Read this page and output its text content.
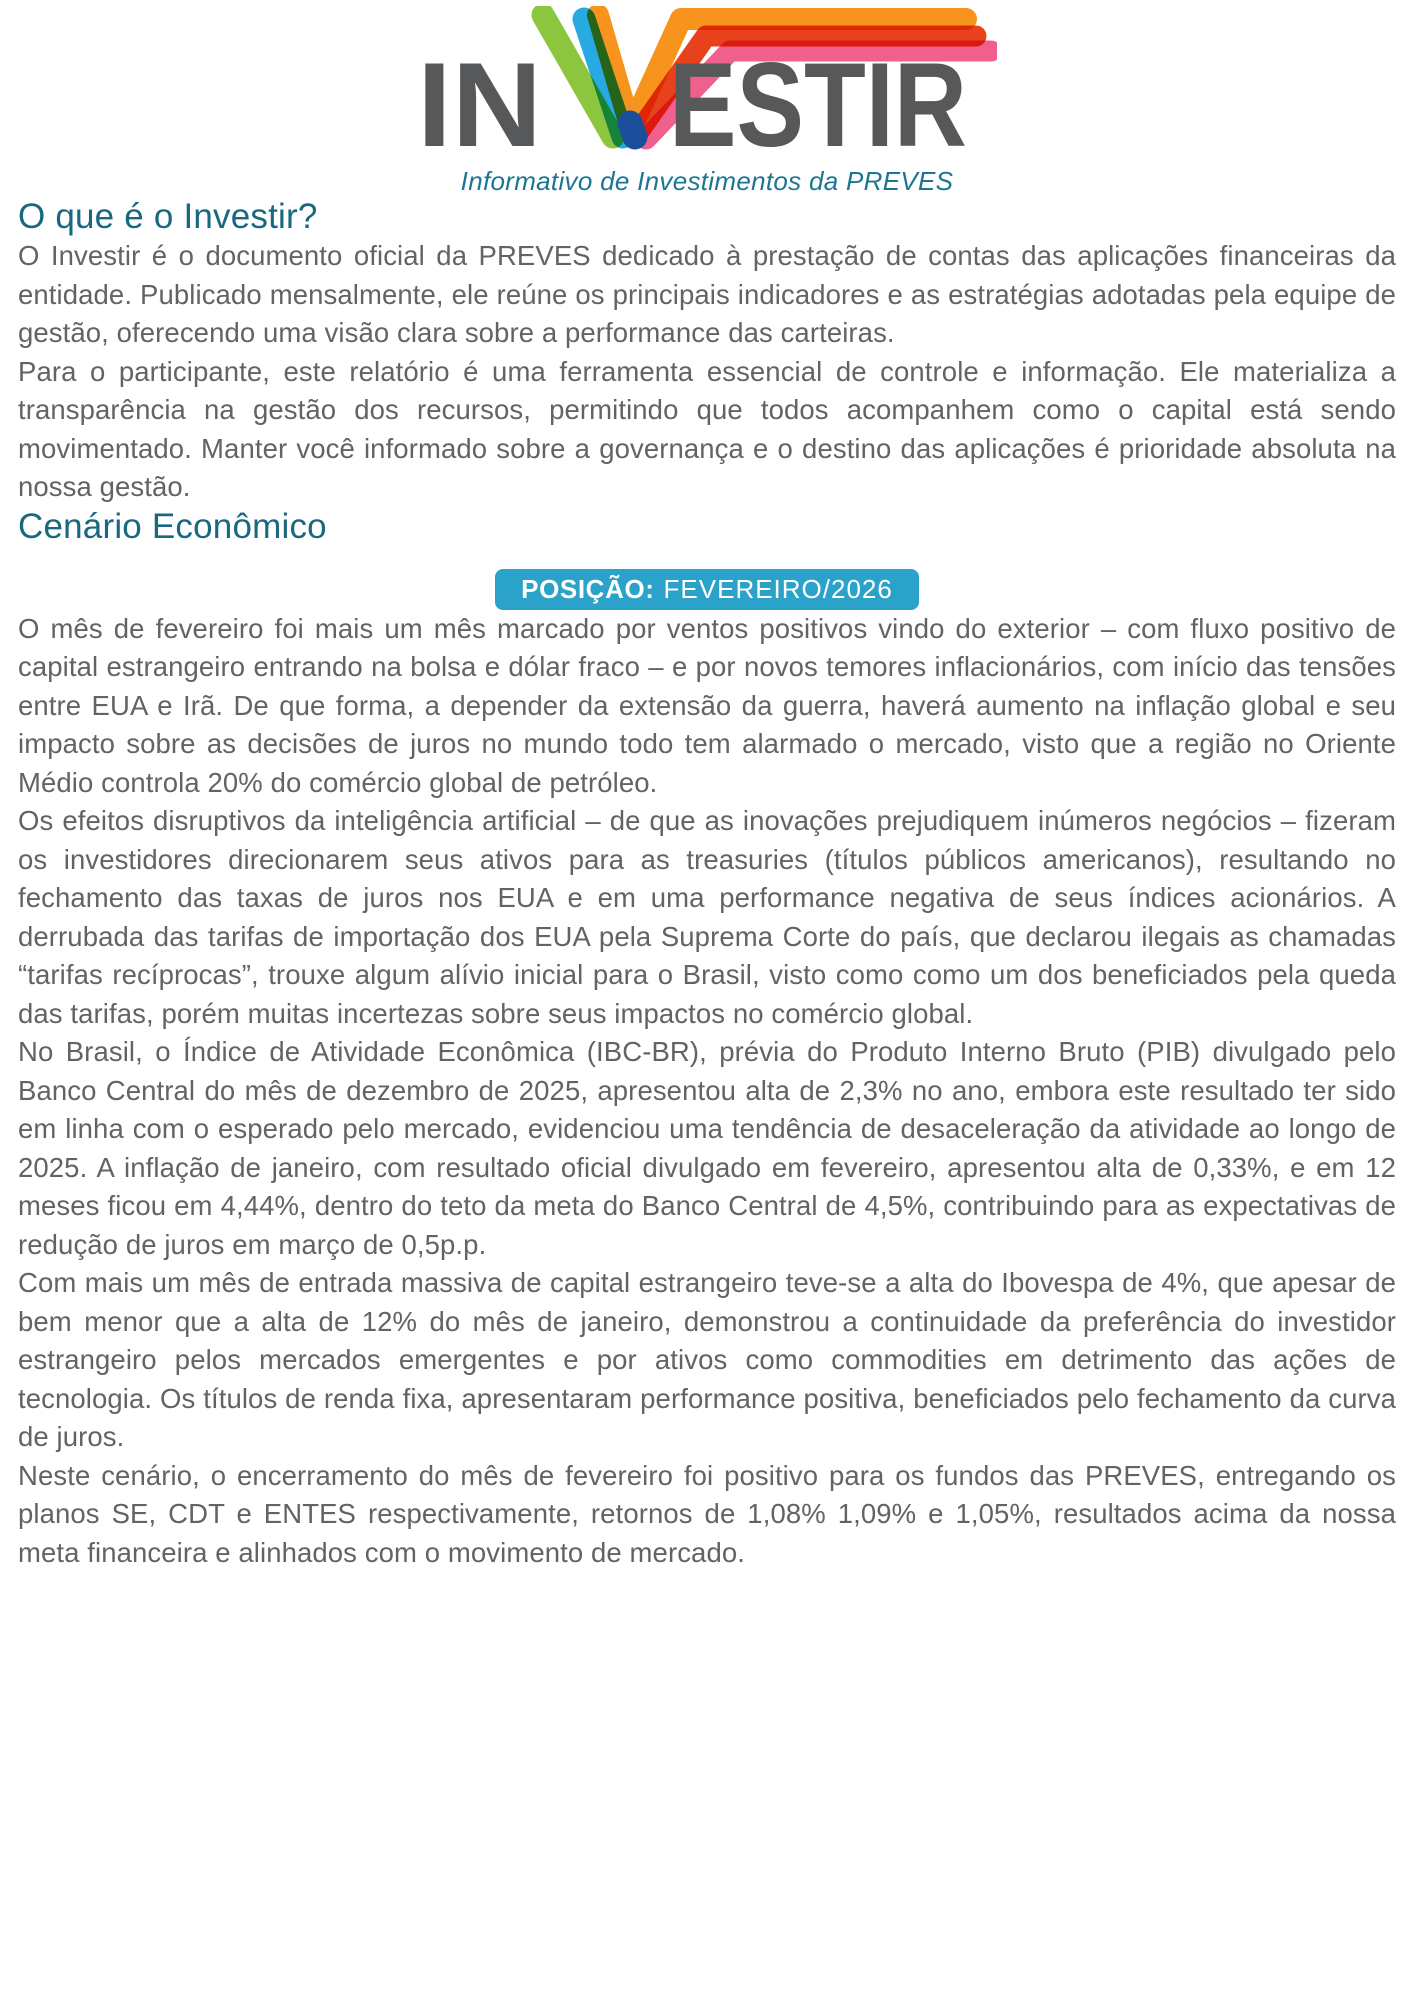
IN ESTIR
Informativo de Investimentos da PREVES
O que é o Investir?

O Investir é o documento oficial da PREVES dedicado à prestação de contas das aplicações financeiras da entidade. Publicado mensalmente, ele reúne os principais indicadores e as estratégias adotadas pela equipe de gestão, oferecendo uma visão clara sobre a performance das carteiras.

Para o participante, este relatório é uma ferramenta essencial de controle e informação. Ele materializa a transparência na gestão dos recursos, permitindo que todos acompanhem como o capital está sendo movimentado. Manter você informado sobre a governança e o destino das aplicações é prioridade absoluta na nossa gestão.

Cenário Econômico
POSIÇÃO: FEVEREIRO/2026

O mês de fevereiro foi mais um mês marcado por ventos positivos vindo do exterior – com fluxo positivo de capital estrangeiro entrando na bolsa e dólar fraco – e por novos temores inflacionários, com início das tensões entre EUA e Irã. De que forma, a depender da extensão da guerra, haverá aumento na inflação global e seu impacto sobre as decisões de juros no mundo todo tem alarmado o mercado, visto que a região no Oriente Médio controla 20% do comércio global de petróleo.

Os efeitos disruptivos da inteligência artificial – de que as inovações prejudiquem inúmeros negócios – fizeram os investidores direcionarem seus ativos para as treasuries (títulos públicos americanos), resultando no fechamento das taxas de juros nos EUA e em uma performance negativa de seus índices acionários. A derrubada das tarifas de importação dos EUA pela Suprema Corte do país, que declarou ilegais as chamadas “tarifas recíprocas”, trouxe algum alívio inicial para o Brasil, visto como como um dos beneficiados pela queda das tarifas, porém muitas incertezas sobre seus impactos no comércio global.

No Brasil, o Índice de Atividade Econômica (IBC-BR), prévia do Produto Interno Bruto (PIB) divulgado pelo Banco Central do mês de dezembro de 2025, apresentou alta de 2,3% no ano, embora este resultado ter sido em linha com o esperado pelo mercado, evidenciou uma tendência de desaceleração da atividade ao longo de 2025. A inflação de janeiro, com resultado oficial divulgado em fevereiro, apresentou alta de 0,33%, e em 12 meses ficou em 4,44%, dentro do teto da meta do Banco Central de 4,5%, contribuindo para as expectativas de redução de juros em março de 0,5p.p.

Com mais um mês de entrada massiva de capital estrangeiro teve-se a alta do Ibovespa de 4%, que apesar de bem menor que a alta de 12% do mês de janeiro, demonstrou a continuidade da preferência do investidor estrangeiro pelos mercados emergentes e por ativos como commodities em detrimento das ações de tecnologia. Os títulos de renda fixa, apresentaram performance positiva, beneficiados pelo fechamento da curva de juros.

Neste cenário, o encerramento do mês de fevereiro foi positivo para os fundos das PREVES, entregando os planos SE, CDT e ENTES respectivamente, retornos de 1,08% 1,09% e 1,05%, resultados acima da nossa meta financeira e alinhados com o movimento de mercado.
